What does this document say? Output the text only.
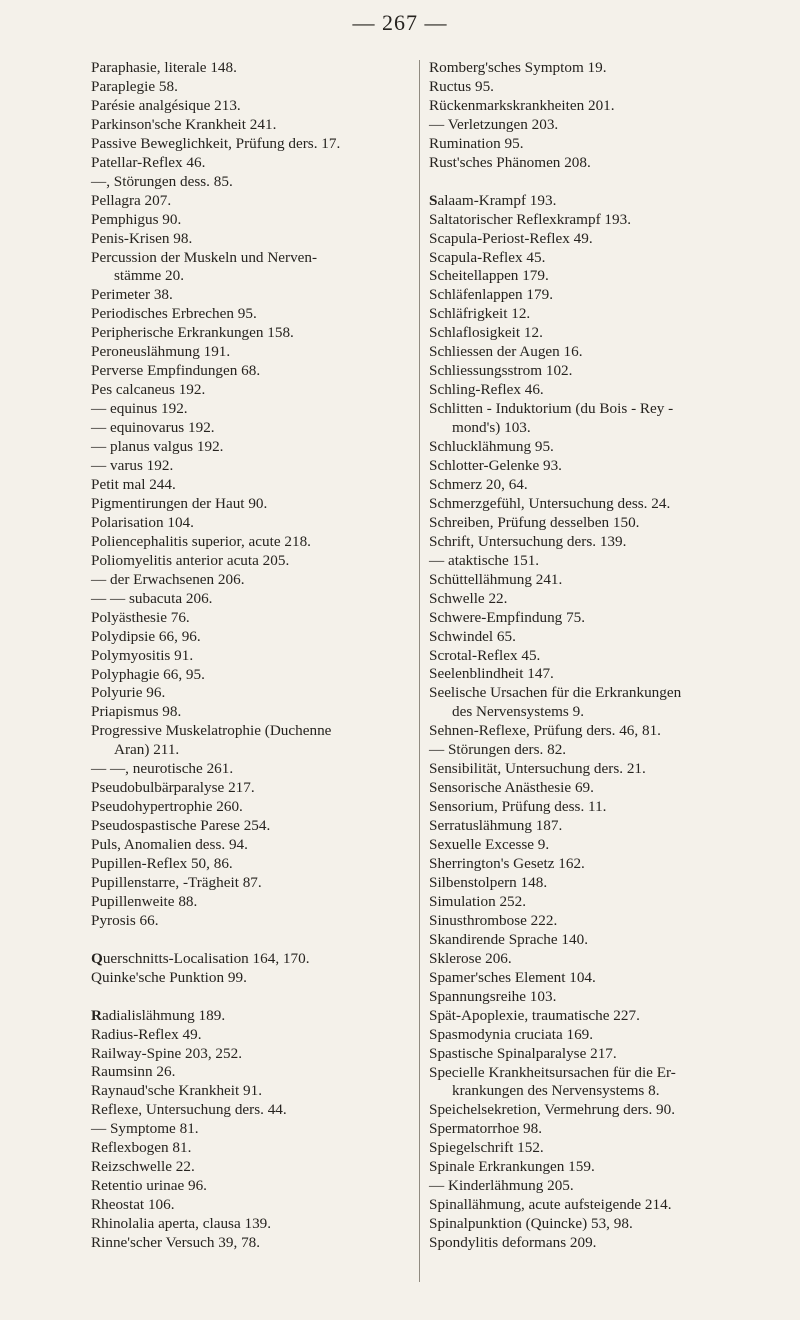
— 267 —
Paraphasie, literale 148.
Paraplegie 58.
Parésie analgésique 213.
Parkinson'sche Krankheit 241.
Passive Beweglichkeit, Prüfung ders. 17.
Patellar-Reflex 46.
—, Störungen dess. 85.
Pellagra 207.
Pemphigus 90.
Penis-Krisen 98.
Percussion der Muskeln und Nerven-
stämme 20.
Perimeter 38.
Periodisches Erbrechen 95.
Peripherische Erkrankungen 158.
Peroneuslähmung 191.
Perverse Empfindungen 68.
Pes calcaneus 192.
— equinus 192.
— equinovarus 192.
— planus valgus 192.
— varus 192.
Petit mal 244.
Pigmentirungen der Haut 90.
Polarisation 104.
Poliencephalitis superior, acute 218.
Poliomyelitis anterior acuta 205.
— der Erwachsenen 206.
— — subacuta 206.
Polyästhesie 76.
Polydipsie 66, 96.
Polymyositis 91.
Polyphagie 66, 95.
Polyurie 96.
Priapismus 98.
Progressive Muskelatrophie (Duchenne
Aran) 211.
— —, neurotische 261.
Pseudobulbärparalyse 217.
Pseudohypertrophie 260.
Pseudospastische Parese 254.
Puls, Anomalien dess. 94.
Pupillen-Reflex 50, 86.
Pupillenstarre, -Trägheit 87.
Pupillenweite 88.
Pyrosis 66.
Querschnitts-Localisation 164, 170.
Quinke'sche Punktion 99.
Radialislähmung 189.
Radius-Reflex 49.
Railway-Spine 203, 252.
Raumsinn 26.
Raynaud'sche Krankheit 91.
Reflexe, Untersuchung ders. 44.
— Symptome 81.
Reflexbogen 81.
Reizschwelle 22.
Retentio urinae 96.
Rheostat 106.
Rhinolalia aperta, clausa 139.
Rinne'scher Versuch 39, 78.
Romberg'sches Symptom 19.
Ructus 95.
Rückenmarkskrankheiten 201.
— Verletzungen 203.
Rumination 95.
Rust'sches Phänomen 208.
Salaam-Krampf 193.
Saltatorischer Reflexkrampf 193.
Scapula-Periost-Reflex 49.
Scapula-Reflex 45.
Scheitellappen 179.
Schläfenlappen 179.
Schläfrigkeit 12.
Schlaflosigkeit 12.
Schliessen der Augen 16.
Schliessungsstrom 102.
Schling-Reflex 46.
Schlitten - Induktorium (du Bois - Rey -
mond's) 103.
Schlucklähmung 95.
Schlotter-Gelenke 93.
Schmerz 20, 64.
Schmerzgefühl, Untersuchung dess. 24.
Schreiben, Prüfung desselben 150.
Schrift, Untersuchung ders. 139.
— ataktische 151.
Schüttellähmung 241.
Schwelle 22.
Schwere-Empfindung 75.
Schwindel 65.
Scrotal-Reflex 45.
Seelenblindheit 147.
Seelische Ursachen für die Erkrankungen
des Nervensystems 9.
Sehnen-Reflexe, Prüfung ders. 46, 81.
— Störungen ders. 82.
Sensibilität, Untersuchung ders. 21.
Sensorische Anästhesie 69.
Sensorium, Prüfung dess. 11.
Serratuslähmung 187.
Sexuelle Excesse 9.
Sherrington's Gesetz 162.
Silbenstolpern 148.
Simulation 252.
Sinusthrombose 222.
Skandirende Sprache 140.
Sklerose 206.
Spamer'sches Element 104.
Spannungsreihe 103.
Spät-Apoplexie, traumatische 227.
Spasmodynia cruciata 169.
Spastische Spinalparalyse 217.
Specielle Krankheitsursachen für die Er-
krankungen des Nervensystems 8.
Speichelsekretion, Vermehrung ders. 90.
Spermatorrhoe 98.
Spiegelschrift 152.
Spinale Erkrankungen 159.
— Kinderlähmung 205.
Spinallähmung, acute aufsteigende 214.
Spinalpunktion (Quincke) 53, 98.
Spondylitis deformans 209.
